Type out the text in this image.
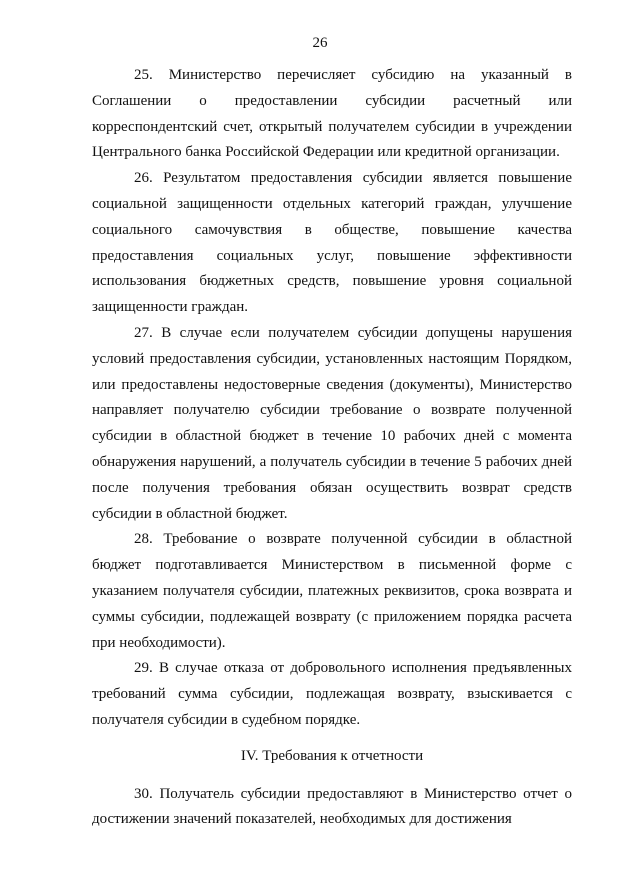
26

25. Министерство перечисляет субсидию на указанный в Соглашении о предоставлении субсидии расчетный или корреспондентский счет, открытый получателем субсидии в учреждении Центрального банка Российской Федерации или кредитной организации.

26. Результатом предоставления субсидии является повышение социальной защищенности отдельных категорий граждан, улучшение социального самочувствия в обществе, повышение качества предоставления социальных услуг, повышение эффективности использования бюджетных средств, повышение уровня социальной защищенности граждан.

27. В случае если получателем субсидии допущены нарушения условий предоставления субсидии, установленных настоящим Порядком, или предоставлены недостоверные сведения (документы), Министерство направляет получателю субсидии требование о возврате полученной субсидии в областной бюджет в течение 10 рабочих дней с момента обнаружения нарушений, а получатель субсидии в течение 5 рабочих дней после получения требования обязан осуществить возврат средств субсидии в областной бюджет.

28. Требование о возврате полученной субсидии в областной бюджет подготавливается Министерством в письменной форме с указанием получателя субсидии, платежных реквизитов, срока возврата и суммы субсидии, подлежащей возврату (с приложением порядка расчета при необходимости).

29. В случае отказа от добровольного исполнения предъявленных требований сумма субсидии, подлежащая возврату, взыскивается с получателя субсидии в судебном порядке.

IV. Требования к отчетности

30. Получатель субсидии предоставляют в Министерство отчет о достижении значений показателей, необходимых для достижения
